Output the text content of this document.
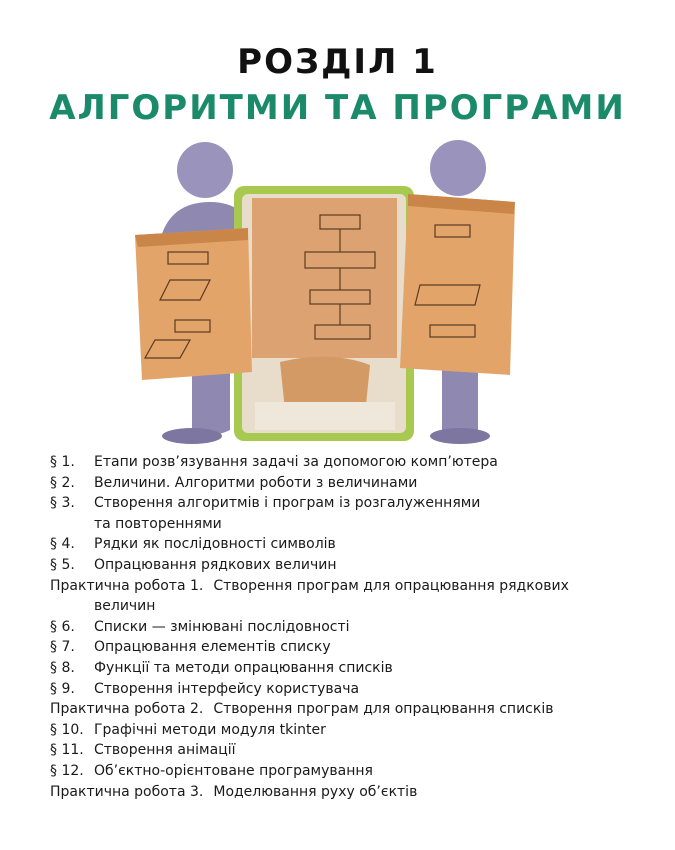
РОЗДІЛ 1
АЛГОРИТМИ ТА ПРОГРАМИ
§ 1.	Етапи розв’язування задачі за допомогою комп’ютера
§ 2.	Величини. Алгоритми роботи з величинами
§ 3.	Створення алгоритмів і програм із розгалуженнями
та повтореннями
§ 4.	Рядки як послідовності символів
§ 5.	Опрацювання рядкових величин
Практична робота 1. Створення програм для опрацювання рядкових
величин
§ 6.	Списки — змінювані послідовності
§ 7.	Опрацювання елементів списку
§ 8.	Функції та методи опрацювання списків
§ 9.	Створення інтерфейсу користувача
Практична робота 2. Створення програм для опрацювання списків
§ 10. Графічні методи модуля tkinter
§ 11. Створення анімації
§ 12. Об’єктно-орієнтоване програмування
Практична робота 3. Моделювання руху об’єктів
